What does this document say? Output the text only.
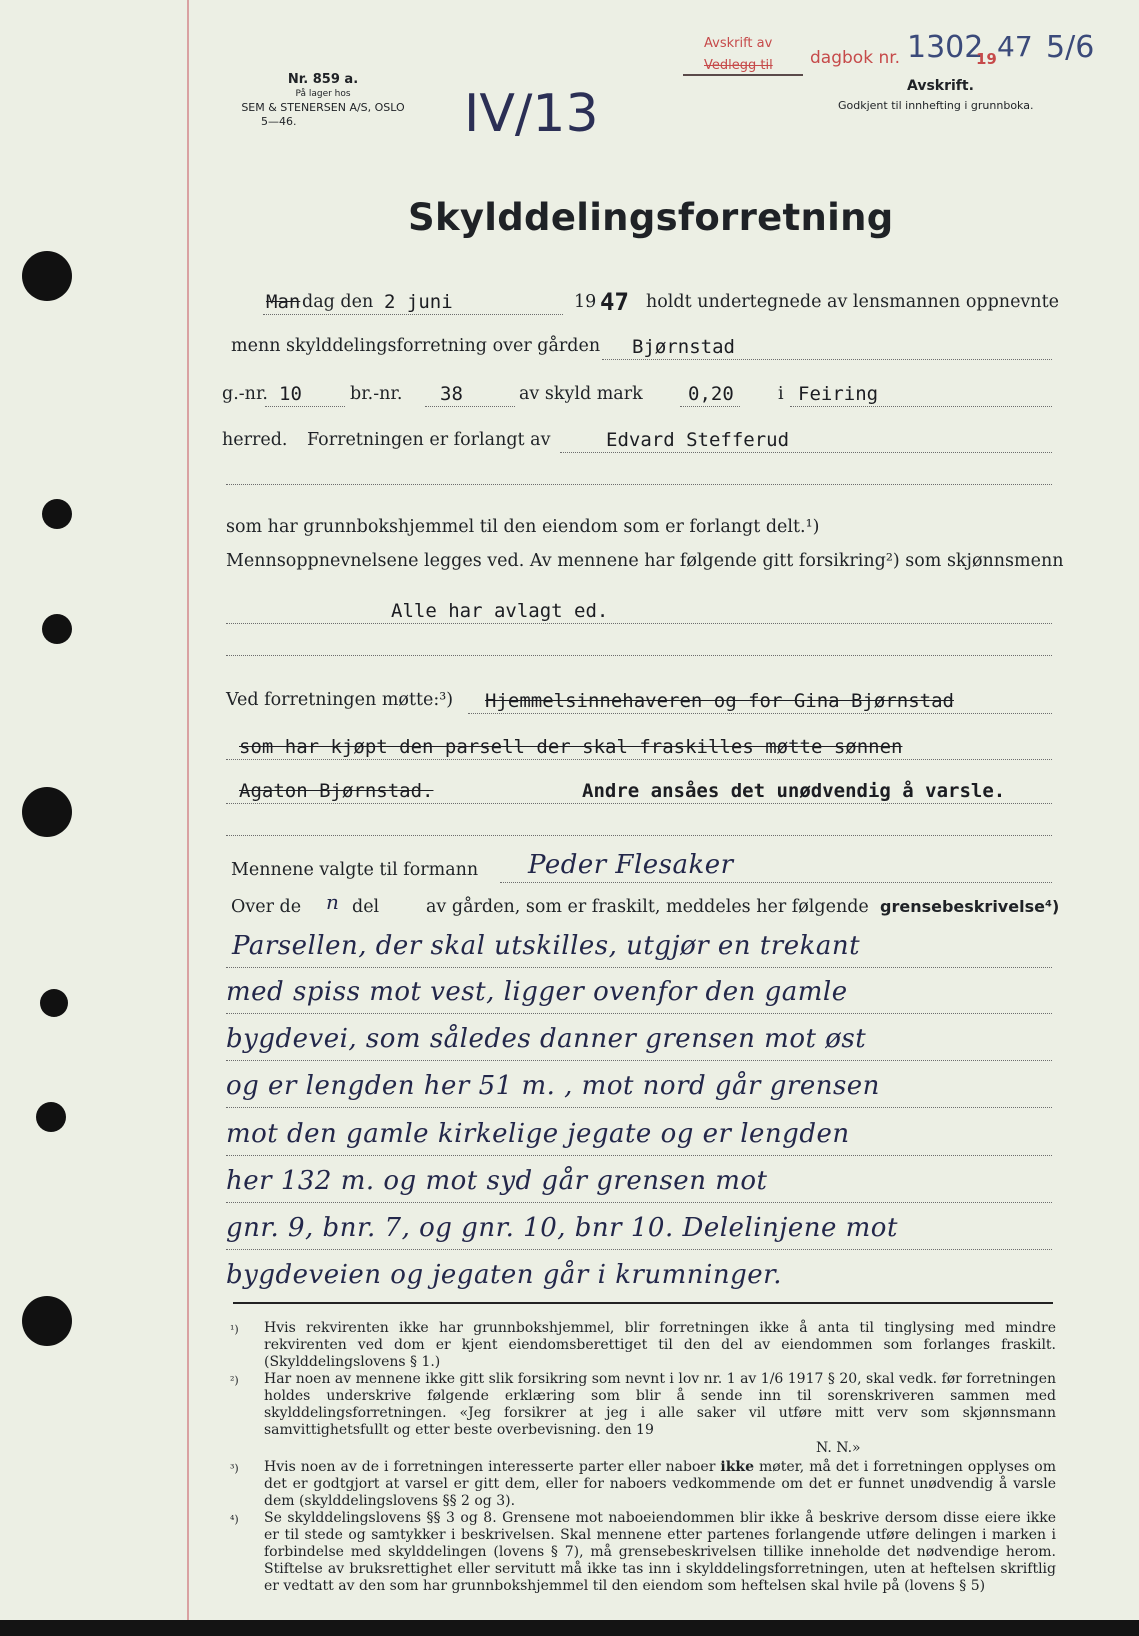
Nr. 859 a.
På lager hos
SEM & STENERSEN A/S, OSLO
5—46.
Avskrift av
Vedlegg til dagbok nr. 1302
19 47 5/6
Avskrift.
Godkjent til innhefting i grunnboka.
IV/13
Skylddelingsforretning
Man dag den 2 juni	19 47 holdt undertegnede av lensmannen oppnevnte
menn skylddelingsforretning over gården Bjørnstad
g.-nr. 10	br.-nr. 38	av skyld mark 0,20	i Feiring
herred. Forretningen er forlangt av	Edvard Stefferud
som har grunnbokshjemmel til den eiendom som er forlangt delt.¹)
Mennsoppnevnelsene legges ved. Av mennene har følgende gitt forsikring²) som skjønnsmenn
Alle har avlagt ed.
Ved forretningen møtte:³) Hjemmelsinnehaveren og for Gina Bjørnstad
som har kjøpt den parsell der skal fraskilles møtte sønnen
Agaton Bjørnstad.	Andre ansåes det unødvendig å varsle.
Mennene valgte til formann Peder Flesaker
Over de n del	av gården, som er fraskilt, meddeles her følgende grensebeskrivelse⁴)
Parsellen, der skal utskilles, utgjør en trekant
med spiss mot vest, ligger ovenfor den gamle
bygdevei, som således danner grensen mot øst
og er lengden her 51 m. , mot nord går grensen
mot den gamle kirkelige jegate og er lengden
her 132 m. og mot syd går grensen mot
gnr. 9, bnr. 7, og gnr. 10, bnr 10. Delelinjene mot
bygdeveien og jegaten går i krumninger.
¹) Hvis rekvirenten ikke har grunnbokshjemmel, blir forretningen ikke å anta til tinglysing med mindre rekvirenten ved dom er kjent eiendomsberettiget til den del av eiendommen som forlanges fraskilt. (Skylddelingslovens § 1.)
²) Har noen av mennene ikke gitt slik forsikring som nevnt i lov nr. 1 av 1/6 1917 § 20, skal vedk. før forretningen holdes underskrive følgende erklæring som blir å sende inn til sorenskriveren sammen med skylddelingsforretningen. «Jeg forsikrer at jeg i alle saker vil utføre mitt verv som skjønnsmann samvittighetsfullt og etter beste overbevisning. den 19
N. N.»
³) Hvis noen av de i forretningen interesserte parter eller naboer ikke møter, må det i forretningen opplyses om det er godtgjort at varsel er gitt dem, eller for naboers vedkommende om det er funnet unødvendig å varsle dem (skylddelingslovens §§ 2 og 3).
⁴) Se skylddelingslovens §§ 3 og 8. Grensene mot naboeiendommen blir ikke å beskrive dersom disse eiere ikke er til stede og samtykker i beskrivelsen. Skal mennene etter partenes forlangende utføre delingen i marken i forbindelse med skylddelingen (lovens § 7), må grensebeskrivelsen tillike inneholde det nødvendige herom. Stiftelse av bruksrettighet eller servitutt må ikke tas inn i skylddelingsforretningen, uten at heftelsen skriftlig er vedtatt av den som har grunnbokshjemmel til den eiendom som heftelsen skal hvile på (lovens § 5)
